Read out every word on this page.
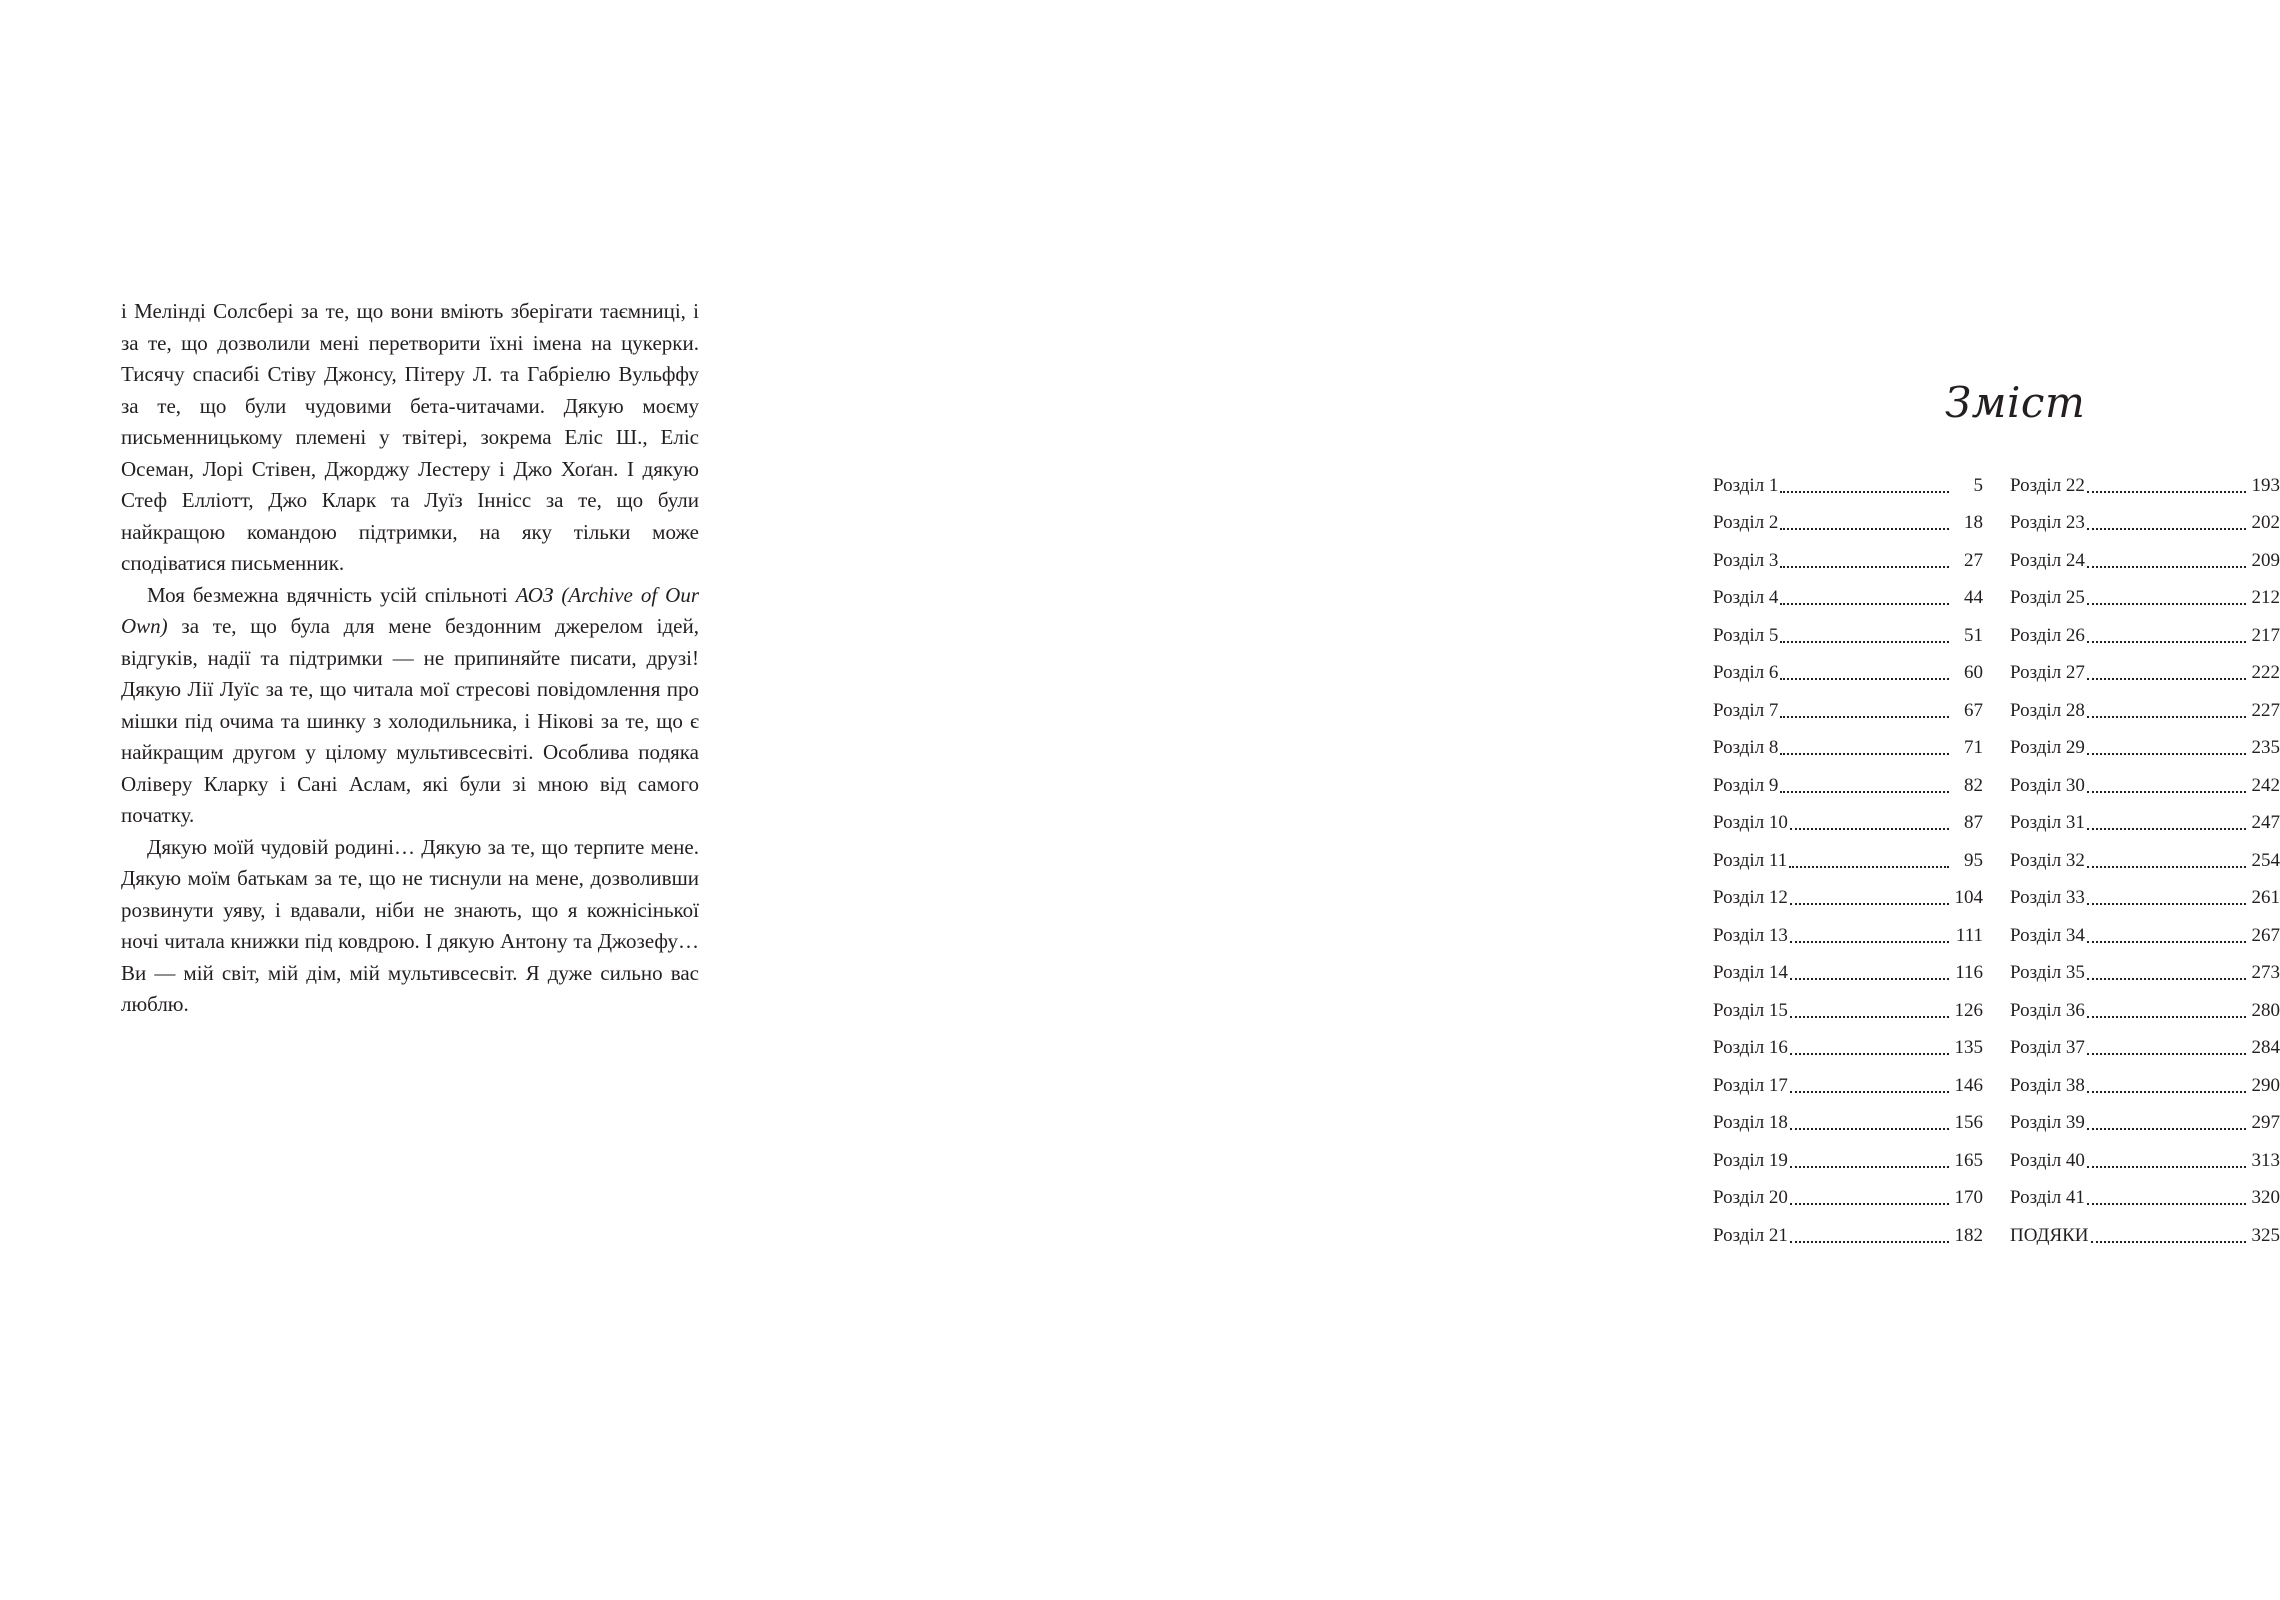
і Мелінді Солсбері за те, що вони вміють зберігати таємниці, і за те, що дозволили мені перетворити їхні імена на цукерки. Тисячу спасибі Стіву Джонсу, Пітеру Л. та Габріелю Вульффу за те, що були чудовими бета-читачами. Дякую моєму письменницькому племені у твітері, зокрема Еліс Ш., Еліс Осеман, Лорі Стівен, Джорджу Лестеру і Джо Хоґан. І дякую Стеф Елліотт, Джо Кларк та Луїз Інніcс за те, що були найкращою командою підтримки, на яку тільки може сподіватися письменник.

Моя безмежна вдячність усій спільноті АОЗ (Archive of Our Own) за те, що була для мене бездонним джерелом ідей, відгуків, надії та підтримки — не припиняйте писати, друзі! Дякую Лії Луїс за те, що читала мої стресові повідомлення про мішки під очима та шинку з холодильника, і Нікові за те, що є найкращим другом у цілому мультивсесвіті. Особлива подяка Оліверу Кларку і Сані Аслам, які були зі мною від самого початку.

Дякую моїй чудовій родині… Дякую за те, що терпите мене. Дякую моїм батькам за те, що не тиснули на мене, дозволивши розвинути уяву, і вдавали, ніби не знають, що я кожнісінької ночі читала книжки під ковдрою. І дякую Антону та Джозефу… Ви — мій світ, мій дім, мій мультивсесвіт. Я дуже сильно вас люблю.

Зміст
Розділ 1	5
Розділ 2	18
Розділ 3	27
Розділ 4	44
Розділ 5	51
Розділ 6	60
Розділ 7	67
Розділ 8	71
Розділ 9	82
Розділ 10	87
Розділ 11	95
Розділ 12	104
Розділ 13	111
Розділ 14	116
Розділ 15	126
Розділ 16	135
Розділ 17	146
Розділ 18	156
Розділ 19	165
Розділ 20	170
Розділ 21	182
Розділ 22	193
Розділ 23	202
Розділ 24	209
Розділ 25	212
Розділ 26	217
Розділ 27	222
Розділ 28	227
Розділ 29	235
Розділ 30	242
Розділ 31	247
Розділ 32	254
Розділ 33	261
Розділ 34	267
Розділ 35	273
Розділ 36	280
Розділ 37	284
Розділ 38	290
Розділ 39	297
Розділ 40	313
Розділ 41	320
ПОДЯКИ	325
